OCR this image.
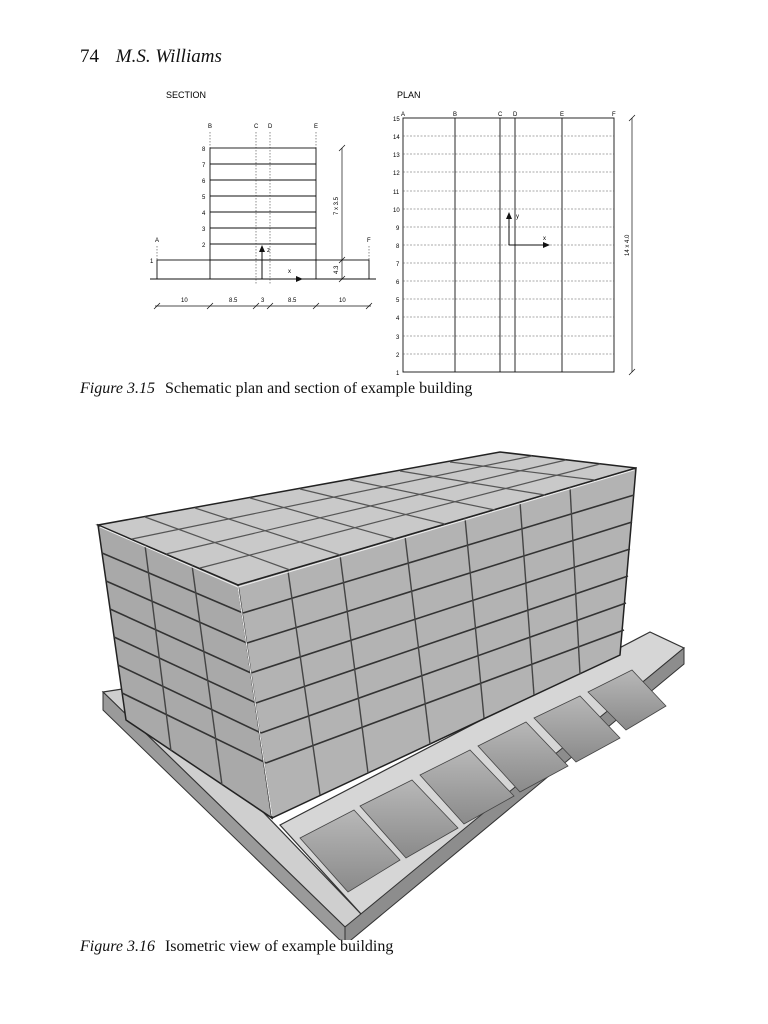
74 M.S. Williams
SECTION
B	C D	E
A	F
8
7
6
5
4
3
2
1
z
x
7 x 3.5
4.3
10	8.5	3	8.5	10
PLAN
A	B	C D	E	F
15
14
13
12
11
10
9
8
7
6
5
4
3
2
1
y
x	14 x 4.0
Figure 3.15 Schematic plan and section of example building
Figure 3.16 Isometric view of example building
